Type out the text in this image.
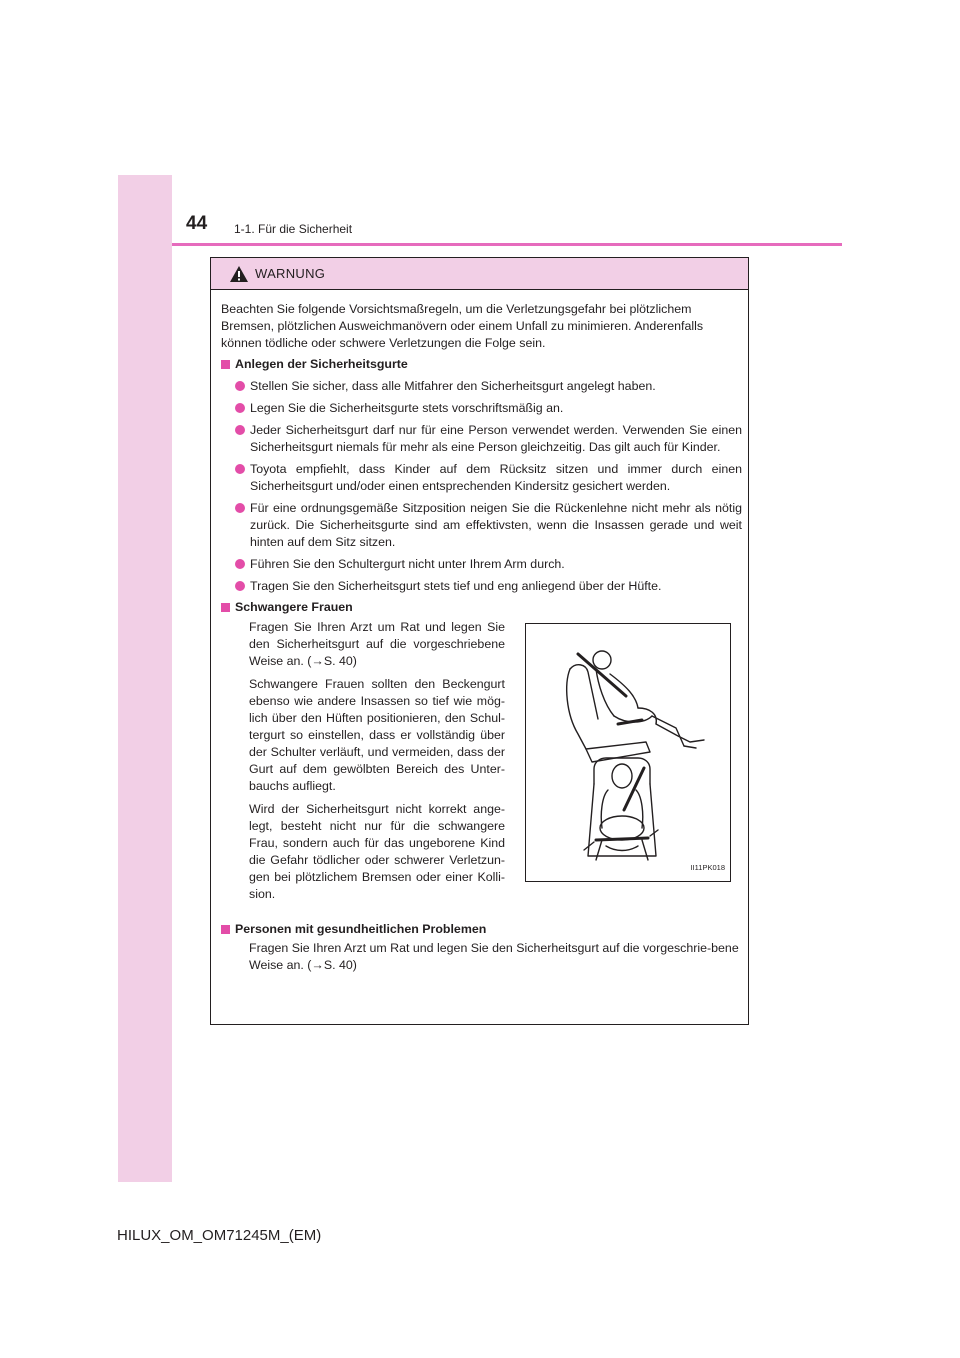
44 1-1. Für die Sicherheit
WARNUNG
Beachten Sie folgende Vorsichtsmaßregeln, um die Verletzungsgefahr bei plötzlichem Bremsen, plötzlichen Ausweichmanövern oder einem Unfall zu minimieren. Anderenfalls können tödliche oder schwere Verletzungen die Folge sein.
Anlegen der Sicherheitsgurte
Stellen Sie sicher, dass alle Mitfahrer den Sicherheitsgurt angelegt haben.
Legen Sie die Sicherheitsgurte stets vorschriftsmäßig an.
Jeder Sicherheitsgurt darf nur für eine Person verwendet werden. Verwenden Sie einen Sicherheitsgurt niemals für mehr als eine Person gleichzeitig. Das gilt auch für Kinder.
Toyota empfiehlt, dass Kinder auf dem Rücksitz sitzen und immer durch einen Sicherheitsgurt und/oder einen entsprechenden Kindersitz gesichert werden.
Für eine ordnungsgemäße Sitzposition neigen Sie die Rückenlehne nicht mehr als nötig zurück. Die Sicherheitsgurte sind am effektivsten, wenn die Insassen gerade und weit hinten auf dem Sitz sitzen.
Führen Sie den Schultergurt nicht unter Ihrem Arm durch.
Tragen Sie den Sicherheitsgurt stets tief und eng anliegend über der Hüfte.
Schwangere Frauen

Fragen Sie Ihren Arzt um Rat und legen Sie den Sicherheitsgurt auf die vorgeschriebene Weise an. (→S. 40)

Schwangere Frauen sollten den Beckengurt ebenso wie andere Insassen so tief wie mög-lich über den Hüften positionieren, den Schul-tergurt so einstellen, dass er vollständig über der Schulter verläuft, und vermeiden, dass der Gurt auf dem gewölbten Bereich des Unter-bauchs aufliegt.

Wird der Sicherheitsgurt nicht korrekt ange-legt, besteht nicht nur für die schwangere Frau, sondern auch für das ungeborene Kind die Gefahr tödlicher oder schwerer Verletzun-gen bei plötzlichem Bremsen oder einer Kolli-sion.

II11PK018
Personen mit gesundheitlichen Problemen
Fragen Sie Ihren Arzt um Rat und legen Sie den Sicherheitsgurt auf die vorgeschrie-bene Weise an. (→S. 40)
HILUX_OM_OM71245M_(EM)
